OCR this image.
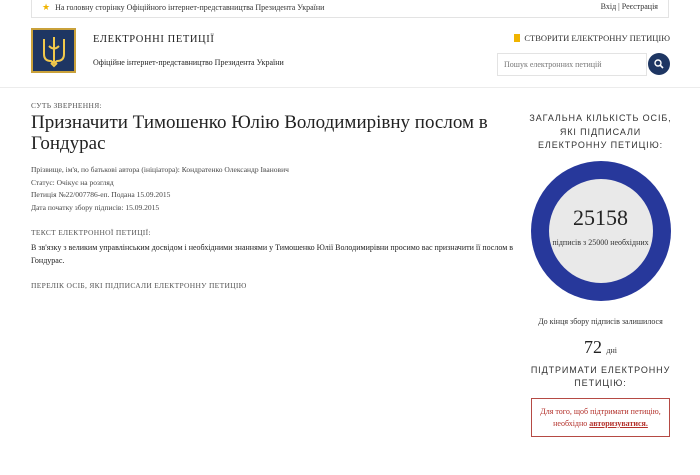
★ На головну сторінку Офіційного інтернет-представництва Президента України	Вхід | Реєстрація
ЕЛЕКТРОННІ ПЕТИЦІЇ
Офіційне інтернет-представництво Президента України
СТВОРИТИ ЕЛЕКТРОННУ ПЕТИЦІЮ
Пошук електронних петицій
СУТЬ ЗВЕРНЕННЯ:
Призначити Тимошенко Юлію Володимирівну послом в Гондурас
Прізвище, ім'я, по батькові автора (ініціатора): Кондратенко Олександр Іванович
Статус: Очікує на розгляд
Петиція №22/007786-еп. Подана 15.09.2015
Дата початку збору підписів: 15.09.2015
ТЕКСТ ЕЛЕКТРОННОЇ ПЕТИЦІЇ:
В зв'язку з великим управлінським досвідом і необхідними знаннями у Тимошенко Юлії Володимирівни просимо вас призначити її послом в Гондурас.
ПЕРЕЛІК ОСІБ, ЯКІ ПІДПИСАЛИ ЕЛЕКТРОННУ ПЕТИЦІЮ
ЗАГАЛЬНА КІЛЬКІСТЬ ОСІБ, ЯКІ ПІДПИСАЛИ ЕЛЕКТРОННУ ПЕТИЦІЮ:
25158
підписів з 25000 необхідних
До кінця збору підписів залишилося
72 дні
ПІДТРИМАТИ ЕЛЕКТРОННУ ПЕТИЦІЮ:
Для того, щоб підтримати петицію, необхідно авторизуватися.
